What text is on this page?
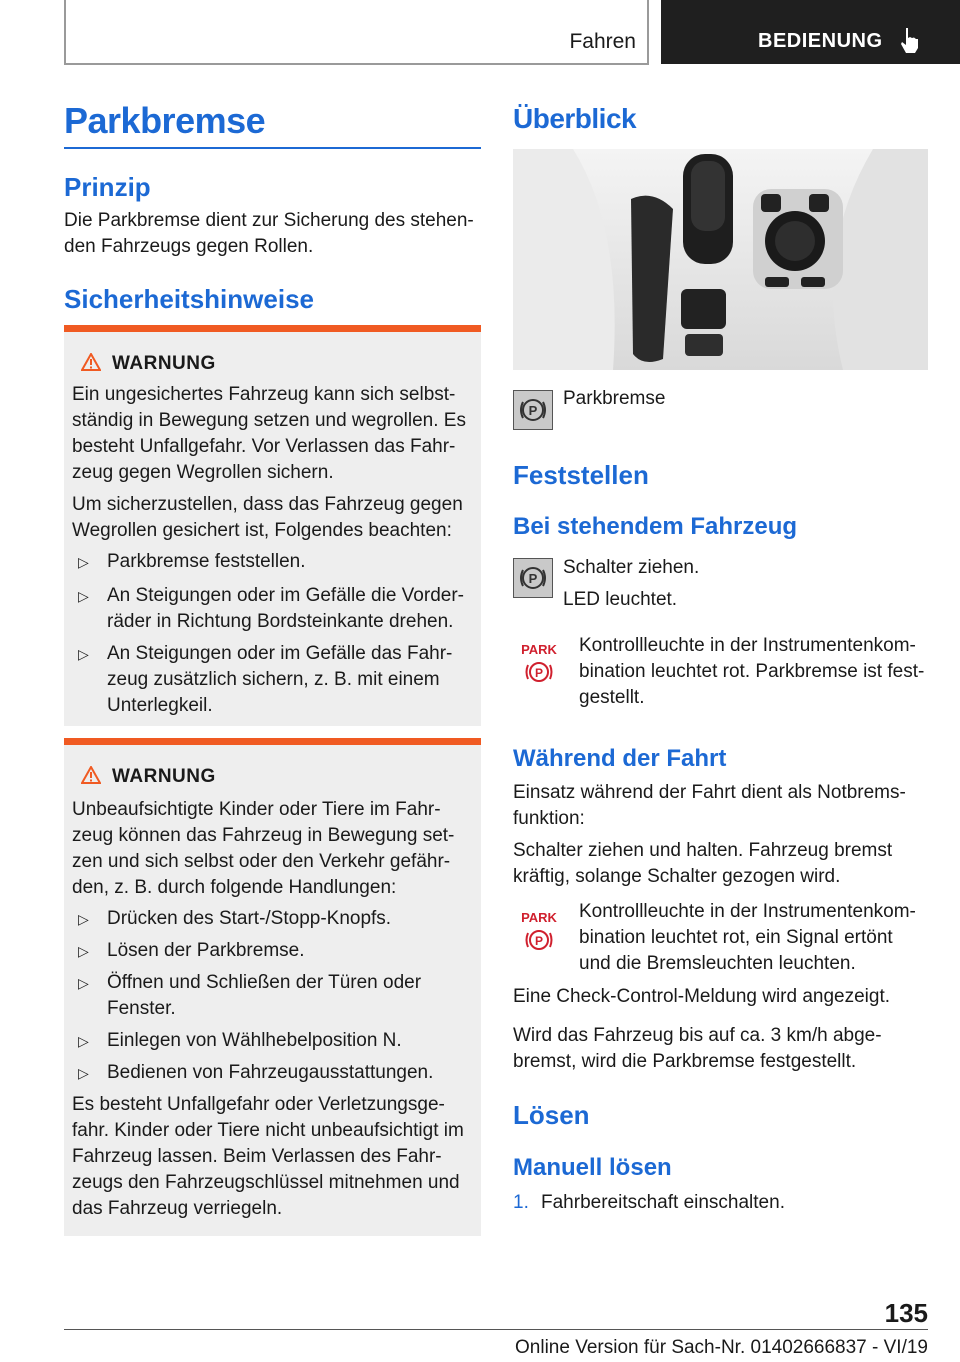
Fahren	BEDIENUNG
Parkbremse
Prinzip
Die Parkbremse dient zur Sicherung des stehen-
den Fahrzeugs gegen Rollen.
Sicherheitshinweise
WARNUNG
Ein ungesichertes Fahrzeug kann sich selbst-
ständig in Bewegung setzen und wegrollen. Es
besteht Unfallgefahr. Vor Verlassen das Fahr-
zeug gegen Wegrollen sichern.
Um sicherzustellen, dass das Fahrzeug gegen
Wegrollen gesichert ist, Folgendes beachten:
▷ Parkbremse feststellen.
▷ An Steigungen oder im Gefälle die Vorder-
räder in Richtung Bordsteinkante drehen.
▷ An Steigungen oder im Gefälle das Fahr-
zeug zusätzlich sichern, z. B. mit einem
Unterlegkeil.
WARNUNG
Unbeaufsichtigte Kinder oder Tiere im Fahr-
zeug können das Fahrzeug in Bewegung set-
zen und sich selbst oder den Verkehr gefähr-
den, z. B. durch folgende Handlungen:
▷ Drücken des Start-/Stopp-Knopfs.
▷ Lösen der Parkbremse.
▷ Öffnen und Schließen der Türen oder
Fenster.
▷ Einlegen von Wählhebelposition N.
▷ Bedienen von Fahrzeugausstattungen.
Es besteht Unfallgefahr oder Verletzungsge-
fahr. Kinder oder Tiere nicht unbeaufsichtigt im
Fahrzeug lassen. Beim Verlassen des Fahr-
zeugs den Fahrzeugschlüssel mitnehmen und
das Fahrzeug verriegeln.
Überblick
P
Parkbremse
Feststellen
Bei stehendem Fahrzeug
P
Schalter ziehen.
LED leuchtet.
PARK
P
Kontrollleuchte in der Instrumentenkom-
bination leuchtet rot. Parkbremse ist fest-
gestellt.
Während der Fahrt
Einsatz während der Fahrt dient als Notbrems-
funktion:
Schalter ziehen und halten. Fahrzeug bremst
kräftig, solange Schalter gezogen wird.
PARK
P
Kontrollleuchte in der Instrumentenkom-
bination leuchtet rot, ein Signal ertönt
und die Bremsleuchten leuchten.
Eine Check-Control-Meldung wird angezeigt.
Wird das Fahrzeug bis auf ca. 3 km/h abge-
bremst, wird die Parkbremse festgestellt.
Lösen
Manuell lösen
1. Fahrbereitschaft einschalten.
135
Online Version für Sach-Nr. 01402666837 - VI/19
